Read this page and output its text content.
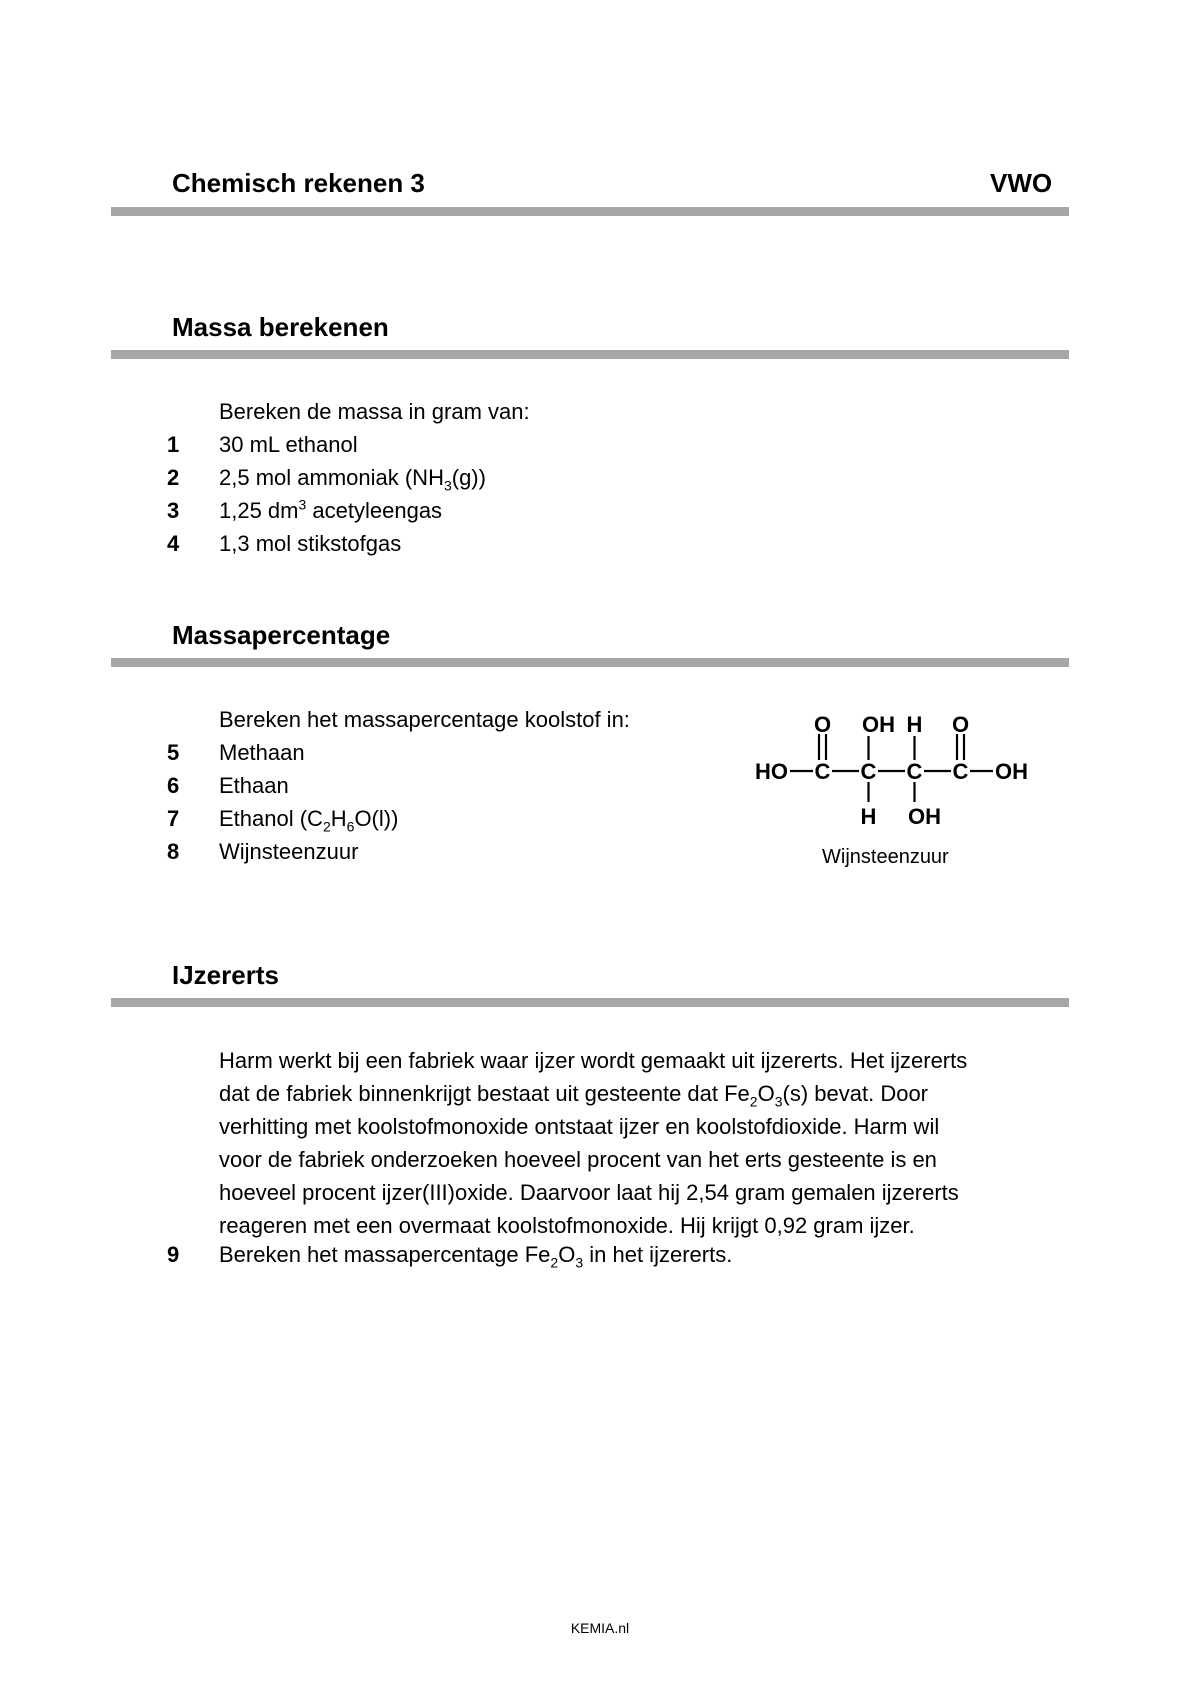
Chemisch rekenen 3	VWO
Massa berekenen
Bereken de massa in gram van:
1	30 mL ethanol
2	2,5 mol ammoniak $(NH_3(g))$
3	1,25 $dm^3$ acetyleengas
4	1,3 mol stikstofgas
Massapercentage
Bereken het massapercentage koolstof in:
5	Methaan
6	Ethaan
7	Ethanol $(C_2H_6O(l))$
8	Wijnsteenzuur
O OH H O
HO C C C C OH
H OH
Wijnsteenzuur
IJzererts
Harm werkt bij een fabriek waar ijzer wordt gemaakt uit ijzererts. Het ijzererts
dat de fabriek binnenkrijgt bestaat uit gesteente dat $Fe_2O_3(s)$ bevat. Door
verhitting met koolstofmonoxide ontstaat ijzer en koolstofdioxide. Harm wil
voor de fabriek onderzoeken hoeveel procent van het erts gesteente is en
hoeveel procent ijzer(III)oxide. Daarvoor laat hij 2,54 gram gemalen ijzererts
reageren met een overmaat koolstofmonoxide. Hij krijgt 0,92 gram ijzer.
9	Bereken het massapercentage $Fe_2O_3$ in het ijzererts.
KEMIA.nl
